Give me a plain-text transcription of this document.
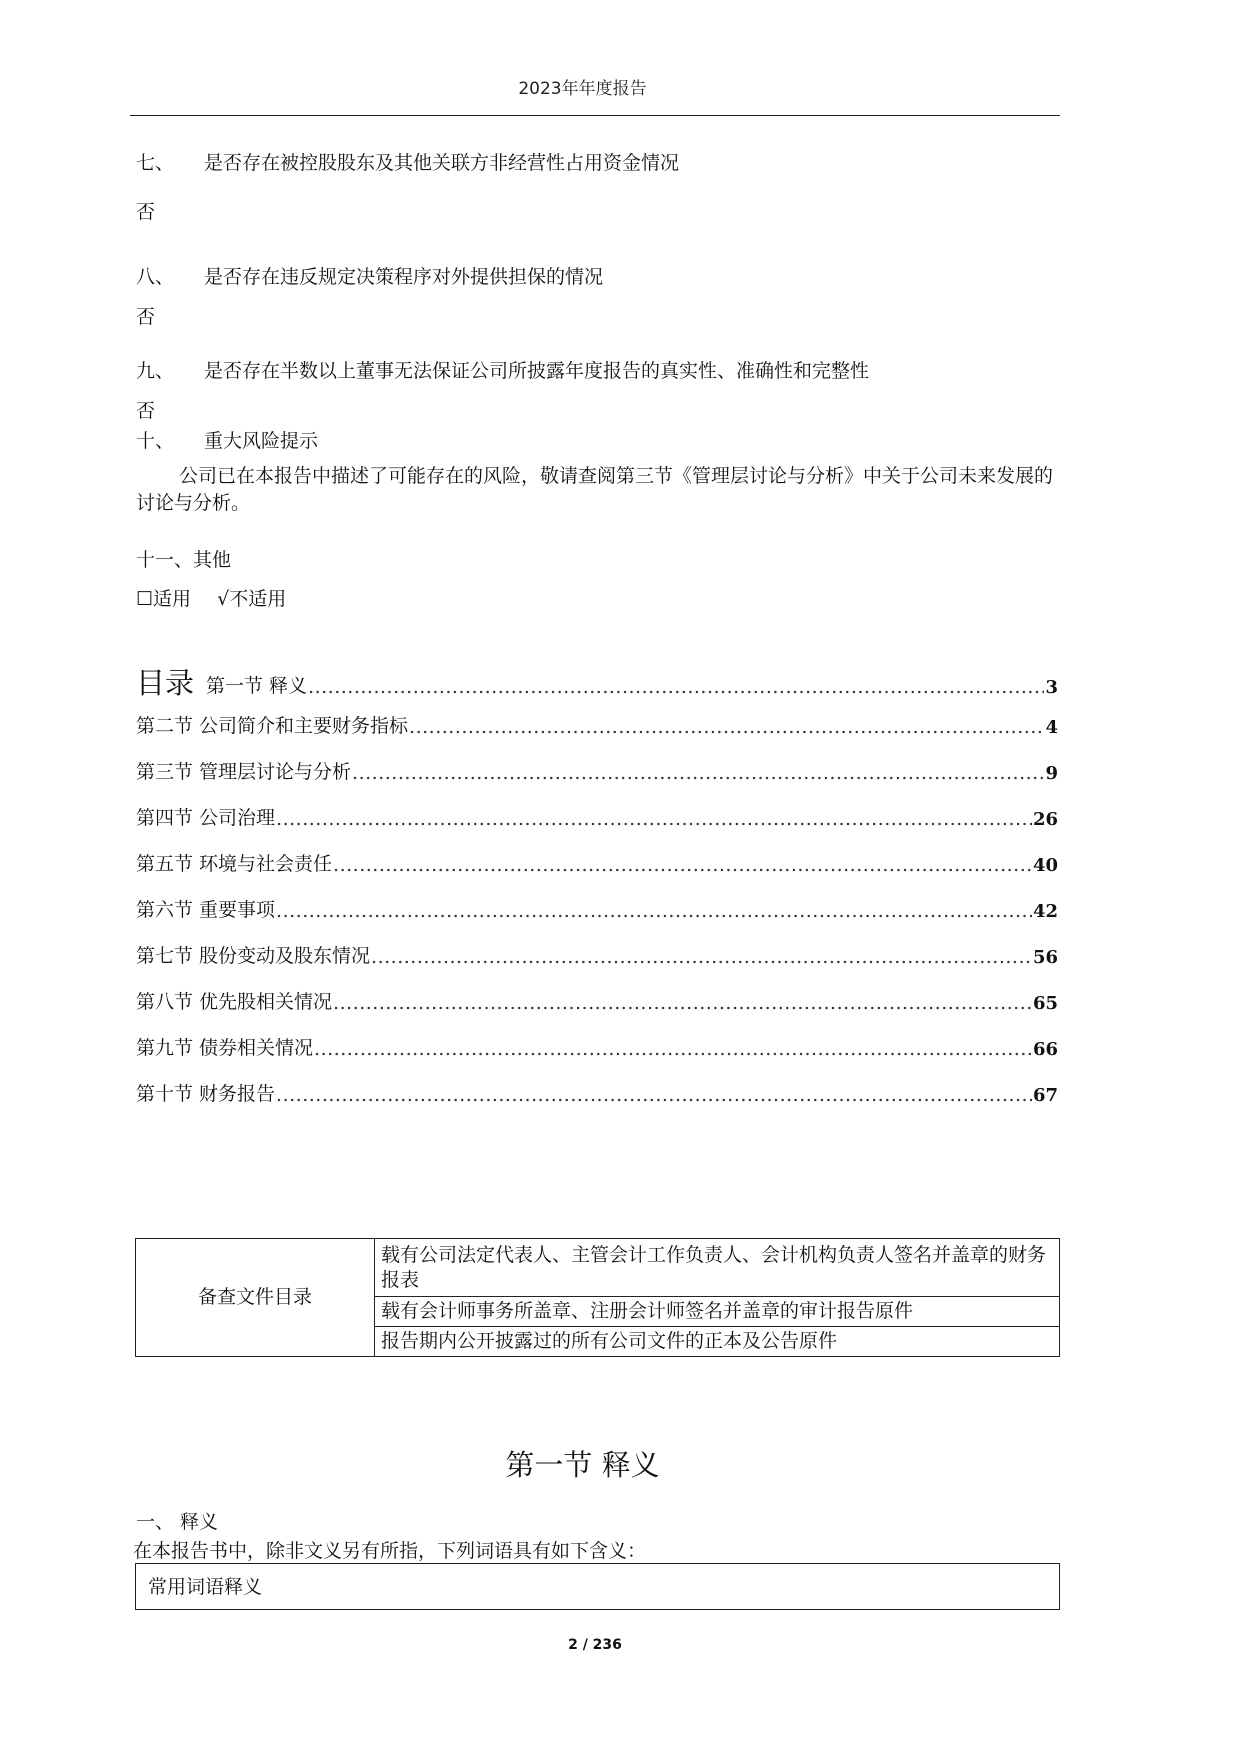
2023年年度报告
七、 是否存在被控股股东及其他关联方非经营性占用资金情况
否
八、 是否存在违反规定决策程序对外提供担保的情况
否
九、 是否存在半数以上董事无法保证公司所披露年度报告的真实性、准确性和完整性
否
十、 重大风险提示
公司已在本报告中描述了可能存在的风险，敬请查阅第三节《管理层讨论与分析》中关于公司未来发展的讨论与分析。
十一、其他
☐适用 √不适用
目录 第一节 释义 .....	3
第二节 公司简介和主要财务指标 .....	4
第三节 管理层讨论与分析 .....	9
第四节 公司治理 .....	26
第五节 环境与社会责任 .....	40
第六节 重要事项 .....	42
第七节 股份变动及股东情况 .....	56
第八节 优先股相关情况 .....	65
第九节 债券相关情况 .....	66
第十节 财务报告 .....	67
备查文件目录	载有公司法定代表人、主管会计工作负责人、会计机构负责人签名并盖章的财务报表
载有会计师事务所盖章、注册会计师签名并盖章的审计报告原件
报告期内公开披露过的所有公司文件的正本及公告原件
第一节 释义
一、 释义
在本报告书中，除非文义另有所指，下列词语具有如下含义：
常用词语释义
2 / 236
